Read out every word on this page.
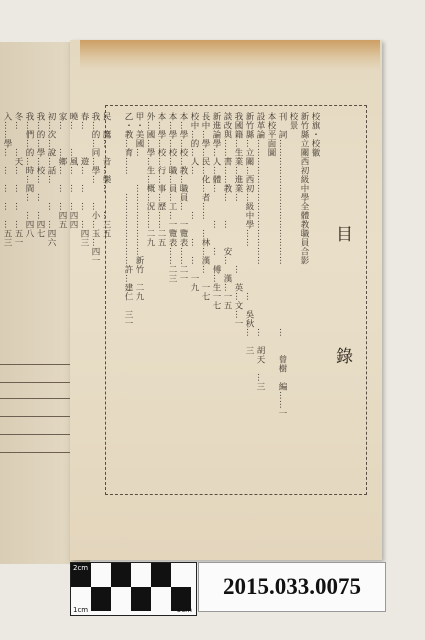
目　錄
校旗・校徽
新竹縣立關西初級中學全體教職員合影
校景
刊　詞……………………………………　　　　　　　…　　曾樹　編……一
本校平面圖
設革論……………………………………　　　　　　　…　胡天　…三
新竹縣…立關…西初…級中學……　　　　　…　吳秋…　三
我國籍…生業…進業…　　　　　　　…　英…文…一
談改與……書……教…　　…　　安…　漢…一五
新進論學…人…體…　　　…　　…　傅…生一七
長中…學…民…化…者……　…林…漢…　一七
校中…的…人…　　　　…　　…　…　一九
本…學…校…教…職員…　一覽表……二一
本…學…校…職…員…工…一覽表……二三
本…學…校…行…事…歷……二五
外…國…學…生…概…況……二九
甲・美國…　　　……………………新竹　二九
乙・教…育……　　……………………許…建仁　三一

民　鷹…　音…樂…　　…三五
我…的…同…學…　　…小…玉…四一
春…　　　遊…　…　…　…四三
曉…　　…風…　…　…四四
家…　　…鄉…　…　…四五
初…次…說…話…　　…　…四六
我…的…學…校…　…　…四七
我…們…的…時…間…　…四八
冬…　　…天…　…　…　…五一
入……學…　…　…　…　…五三

2cm
1cm	5cm
2015.033.0075
